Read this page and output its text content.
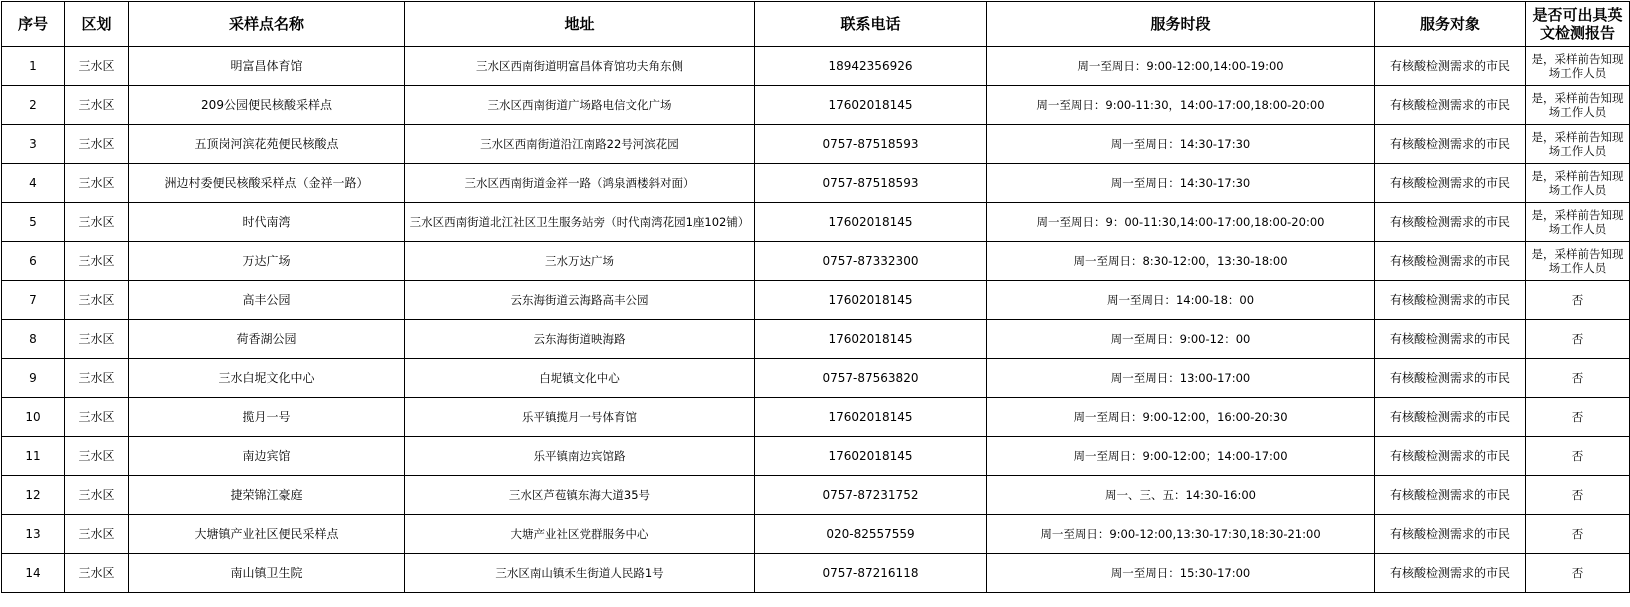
序号	区划	采样点名称	地址	联系电话	服务时段	服务对象	是否可出具英文检测报告
1	三水区	明富昌体育馆	三水区西南街道明富昌体育馆功夫角东侧	18942356926	周一至周日：9:00-12:00,14:00-19:00	有核酸检测需求的市民	是，采样前告知现场工作人员
2	三水区	209公园便民核酸采样点	三水区西南街道广场路电信文化广场	17602018145	周一至周日：9:00-11:30，14:00-17:00,18:00-20:00	有核酸检测需求的市民	是，采样前告知现场工作人员
3	三水区	五顶岗河滨花苑便民核酸点	三水区西南街道沿江南路22号河滨花园	0757-87518593	周一至周日：14:30-17:30	有核酸检测需求的市民	是，采样前告知现场工作人员
4	三水区	洲边村委便民核酸采样点（金祥一路）	三水区西南街道金祥一路（鸿泉酒楼斜对面）	0757-87518593	周一至周日：14:30-17:30	有核酸检测需求的市民	是，采样前告知现场工作人员
5	三水区	时代南湾	三水区西南街道北江社区卫生服务站旁（时代南湾花园1座102铺）	17602018145	周一至周日：9：00-11:30,14:00-17:00,18:00-20:00	有核酸检测需求的市民	是，采样前告知现场工作人员
6	三水区	万达广场	三水万达广场	0757-87332300	周一至周日：8:30-12:00，13:30-18:00	有核酸检测需求的市民	是，采样前告知现场工作人员
7	三水区	高丰公园	云东海街道云海路高丰公园	17602018145	周一至周日：14:00-18：00	有核酸检测需求的市民	否
8	三水区	荷香湖公园	云东海街道映海路	17602018145	周一至周日：9:00-12：00	有核酸检测需求的市民	否
9	三水区	三水白坭文化中心	白坭镇文化中心	0757-87563820	周一至周日：13:00-17:00	有核酸检测需求的市民	否
10	三水区	揽月一号	乐平镇揽月一号体育馆	17602018145	周一至周日：9:00-12:00，16:00-20:30	有核酸检测需求的市民	否
11	三水区	南边宾馆	乐平镇南边宾馆路	17602018145	周一至周日：9:00-12:00；14:00-17:00	有核酸检测需求的市民	否
12	三水区	捷荣锦江豪庭	三水区芦苞镇东海大道35号	0757-87231752	周一、三、五：14:30-16:00	有核酸检测需求的市民	否
13	三水区	大塘镇产业社区便民采样点	大塘产业社区党群服务中心	020-82557559	周一至周日：9:00-12:00,13:30-17:30,18:30-21:00	有核酸检测需求的市民	否
14	三水区	南山镇卫生院	三水区南山镇禾生街道人民路1号	0757-87216118	周一至周日：15:30-17:00	有核酸检测需求的市民	否
